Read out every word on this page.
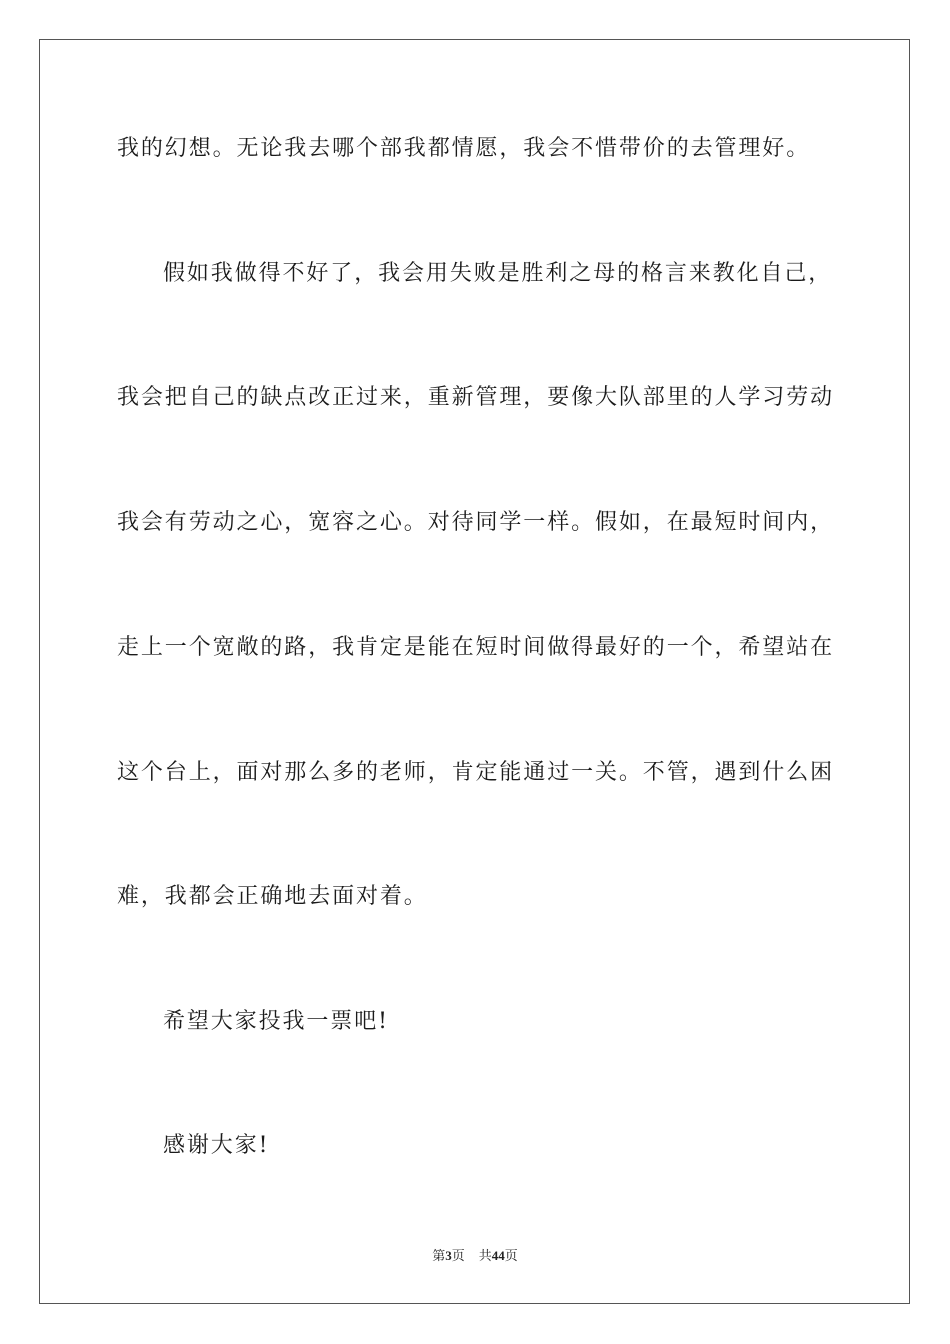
我的幻想。无论我去哪个部我都情愿，我会不惜带价的去管理好。
假如我做得不好了，我会用失败是胜利之母的格言来教化自己，
我会把自己的缺点改正过来，重新管理，要像大队部里的人学习劳动
我会有劳动之心，宽容之心。对待同学一样。假如，在最短时间内，
走上一个宽敞的路，我肯定是能在短时间做得最好的一个，希望站在
这个台上，面对那么多的老师，肯定能通过一关。不管，遇到什么困
难，我都会正确地去面对着。
希望大家投我一票吧!
感谢大家!
第3页 共44页
